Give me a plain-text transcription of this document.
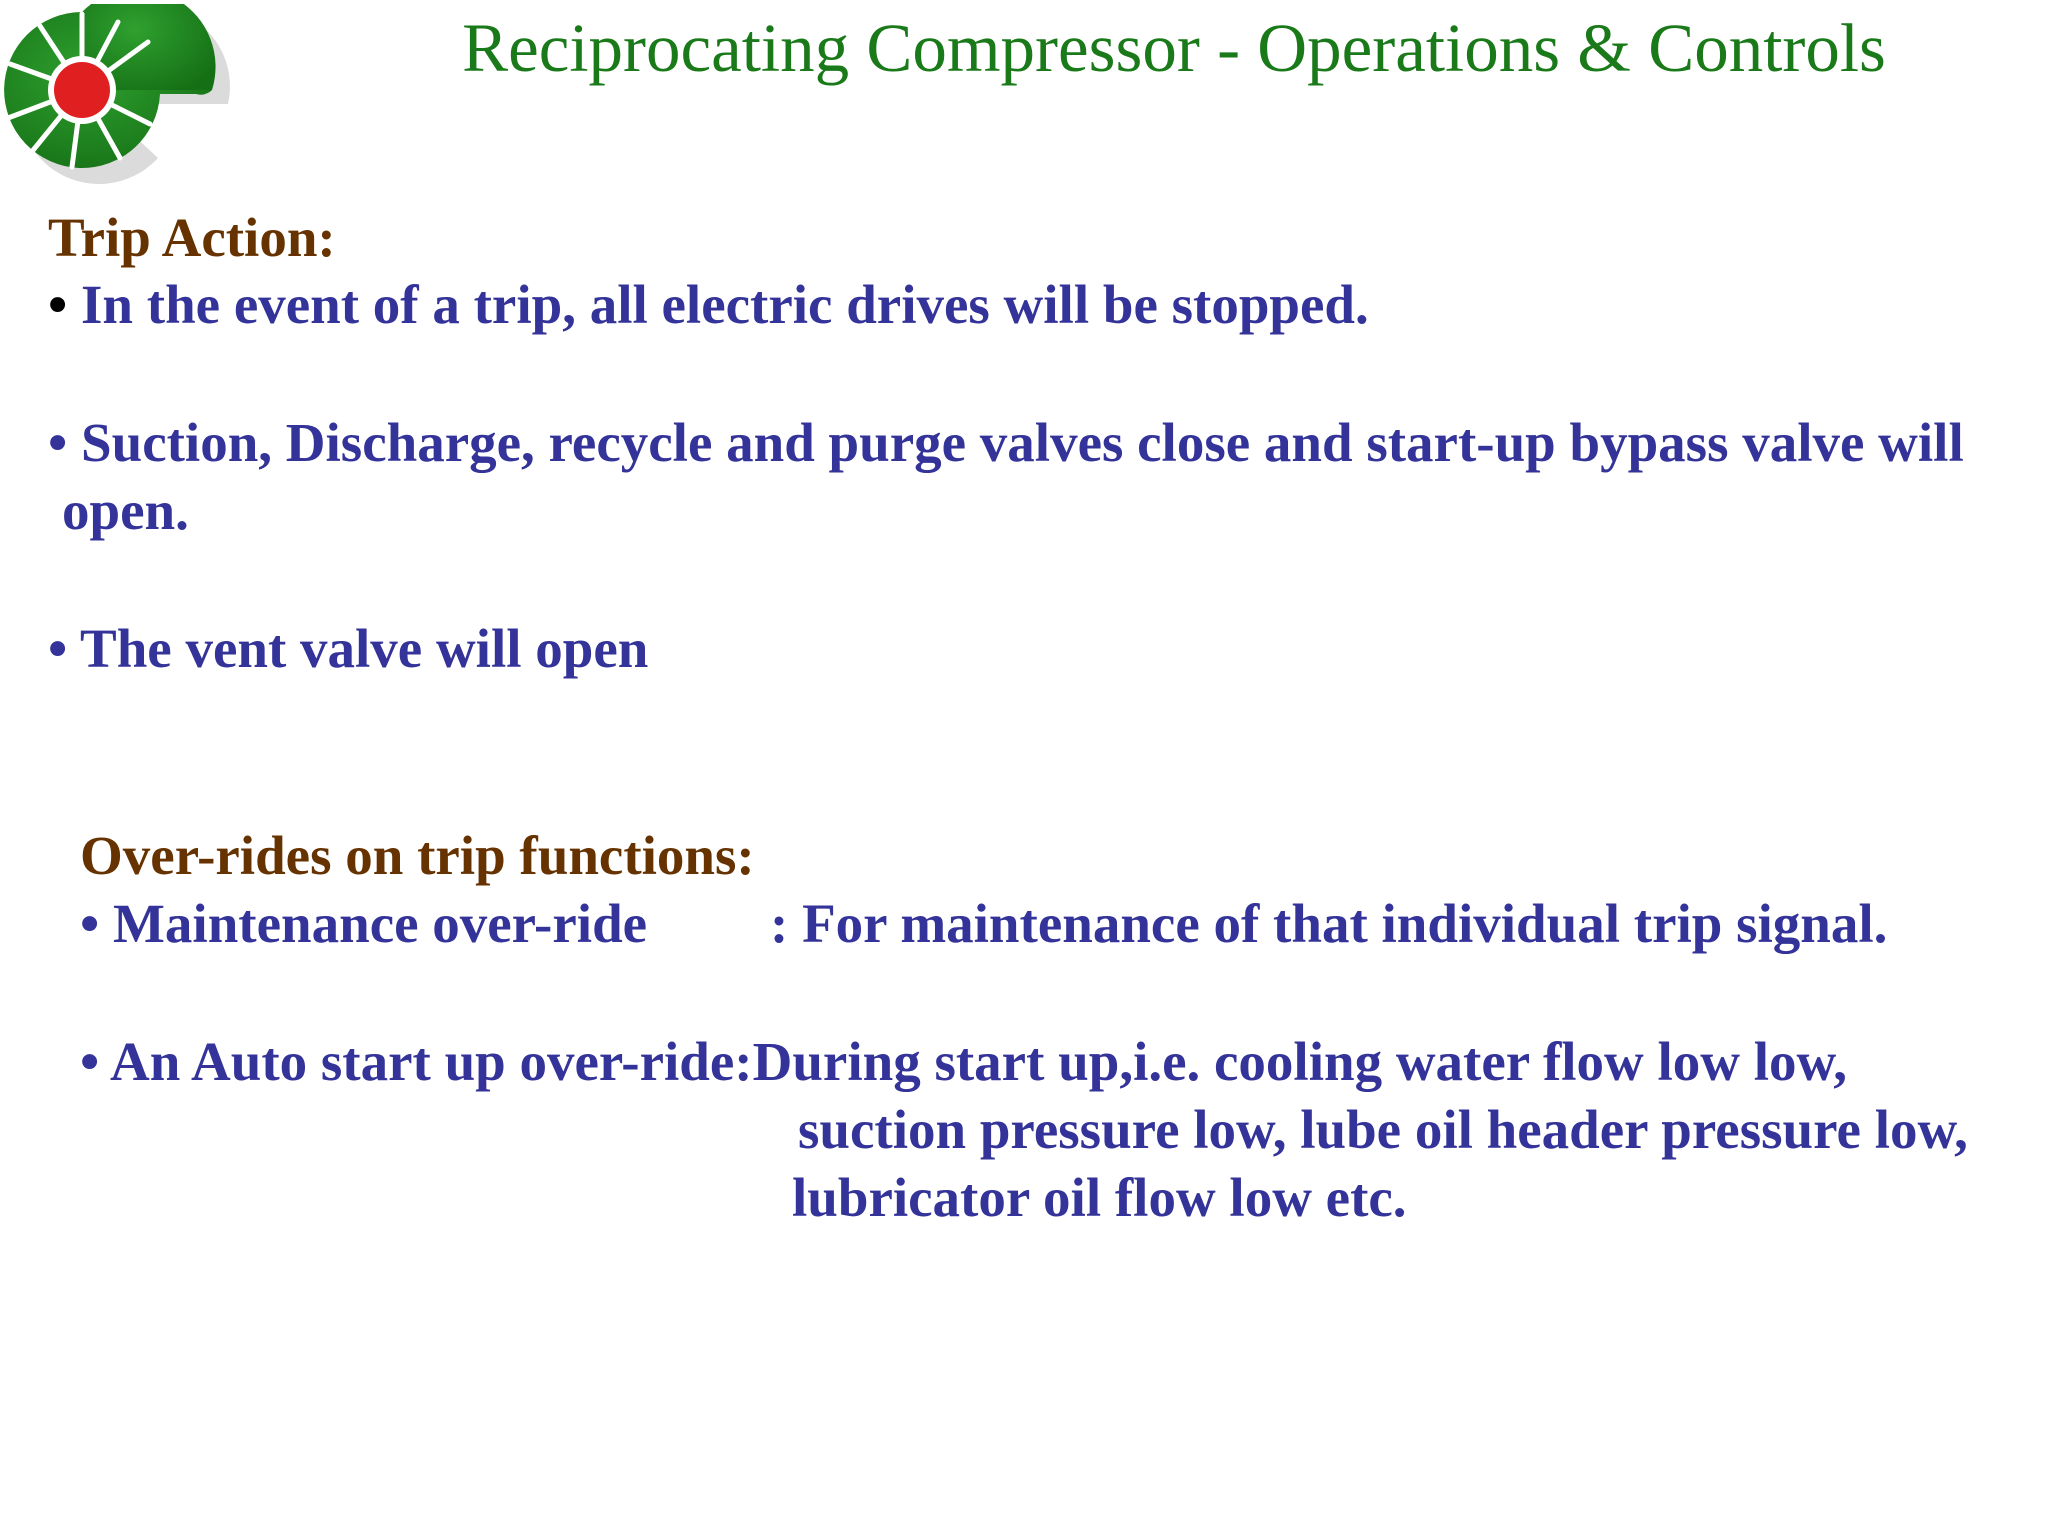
Reciprocating Compressor - Operations & Controls
Trip Action:
• In the event of a trip, all electric drives will be stopped.
• Suction, Discharge, recycle and purge valves close and start-up bypass valve will
open.
• The vent valve will open
Over-rides on trip functions:
• Maintenance over-ride : For maintenance of that individual trip signal.
• An Auto start up over-ride:During start up,i.e. cooling water flow low low,
suction pressure low, lube oil header pressure low,
lubricator oil flow low etc.
